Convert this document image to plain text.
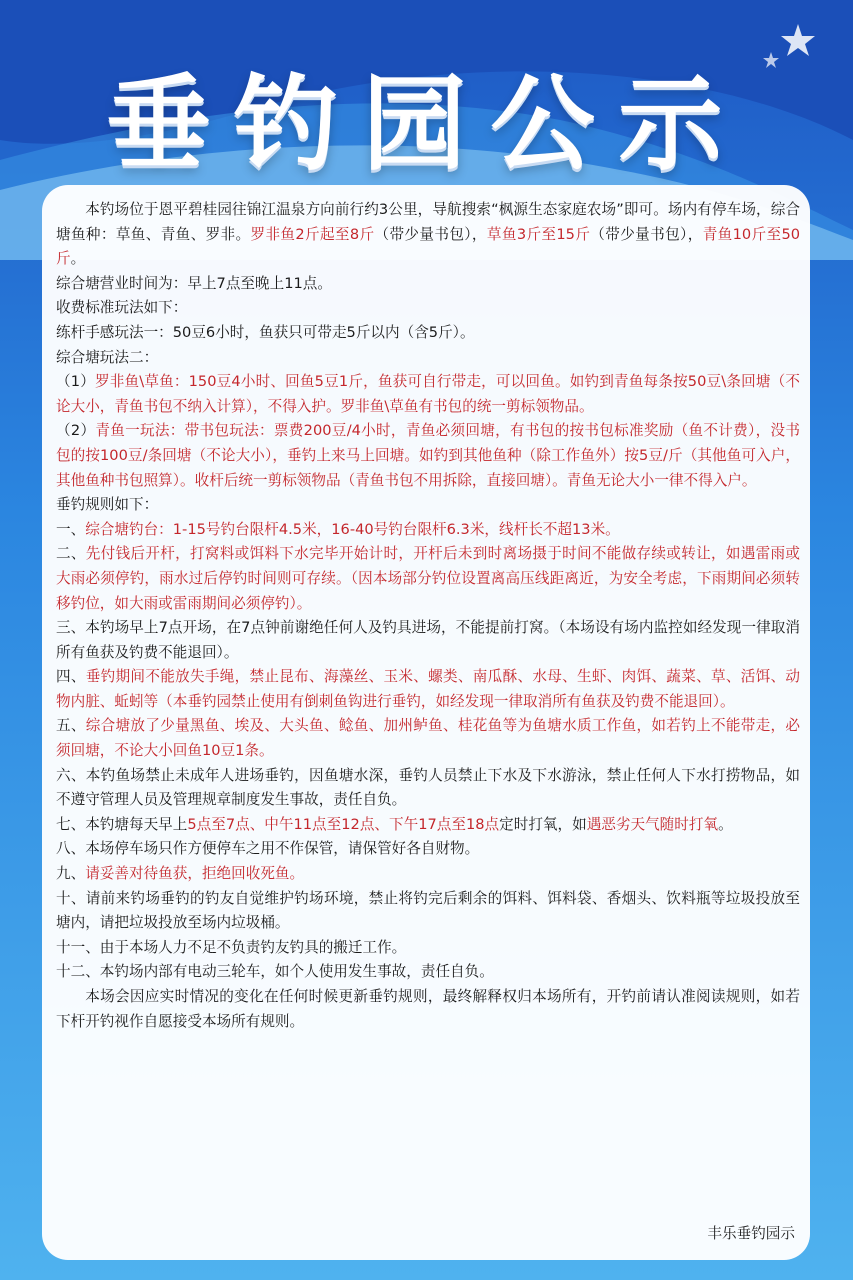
垂钓园公示

本钓场位于恩平碧桂园往锦江温泉方向前行约3公里，导航搜索“枫源生态家庭农场”即可。场内有停车场，综合塘鱼种：草鱼、青鱼、罗非。罗非鱼2斤起至8斤（带少量书包），草鱼3斤至15斤（带少量书包），青鱼10斤至50斤。

综合塘营业时间为：早上7点至晚上11点。

收费标准玩法如下：

练杆手感玩法一：50豆6小时，鱼获只可带走5斤以内（含5斤）。

综合塘玩法二：

（1）罗非鱼\草鱼：150豆4小时、回鱼5豆1斤，鱼获可自行带走，可以回鱼。如钓到青鱼每条按50豆\条回塘（不论大小，青鱼书包不纳入计算），不得入护。罗非鱼\草鱼有书包的统一剪标领物品。

（2）青鱼一玩法：带书包玩法：票费200豆/4小时，青鱼必须回塘，有书包的按书包标准奖励（鱼不计费），没书包的按100豆/条回塘（不论大小），垂钓上来马上回塘。如钓到其他鱼种（除工作鱼外）按5豆/斤（其他鱼可入户，其他鱼种书包照算）。收杆后统一剪标领物品（青鱼书包不用拆除，直接回塘）。青鱼无论大小一律不得入户。

垂钓规则如下：

一、综合塘钓台：1-15号钓台限杆4.5米，16-40号钓台限杆6.3米，线杆长不超13米。

二、先付钱后开杆，打窝料或饵料下水完毕开始计时，开杆后未到时离场摄于时间不能做存续或转让，如遇雷雨或大雨必须停钓，雨水过后停钓时间则可存续。（因本场部分钓位设置离高压线距离近，为安全考虑，下雨期间必须转移钓位，如大雨或雷雨期间必须停钓）。

三、本钓场早上7点开场，在7点钟前谢绝任何人及钓具进场，不能提前打窝。（本场设有场内监控如经发现一律取消所有鱼获及钓费不能退回）。

四、垂钓期间不能放失手绳，禁止昆布、海藻丝、玉米、螺类、南瓜酥、水母、生虾、肉饵、蔬菜、草、活饵、动物内脏、蚯蚓等（本垂钓园禁止使用有倒刺鱼钩进行垂钓，如经发现一律取消所有鱼获及钓费不能退回）。

五、综合塘放了少量黑鱼、埃及、大头鱼、鲶鱼、加州鲈鱼、桂花鱼等为鱼塘水质工作鱼，如若钓上不能带走，必须回塘，不论大小回鱼10豆1条。

六、本钓鱼场禁止未成年人进场垂钓，因鱼塘水深，垂钓人员禁止下水及下水游泳，禁止任何人下水打捞物品，如不遵守管理人员及管理规章制度发生事故，责任自负。

七、本钓塘每天早上5点至7点、中午11点至12点、下午17点至18点定时打氧，如遇恶劣天气随时打氧。

八、本场停车场只作方便停车之用不作保管，请保管好各自财物。

九、请妥善对待鱼获，拒绝回收死鱼。

十、请前来钓场垂钓的钓友自觉维护钓场环境，禁止将钓完后剩余的饵料、饵料袋、香烟头、饮料瓶等垃圾投放至塘内，请把垃圾投放至场内垃圾桶。

十一、由于本场人力不足不负责钓友钓具的搬迁工作。

十二、本钓场内部有电动三轮车，如个人使用发生事故，责任自负。

本场会因应实时情况的变化在任何时候更新垂钓规则，最终解释权归本场所有，开钓前请认准阅读规则，如若下杆开钓视作自愿接受本场所有规则。

丰乐垂钓园示
